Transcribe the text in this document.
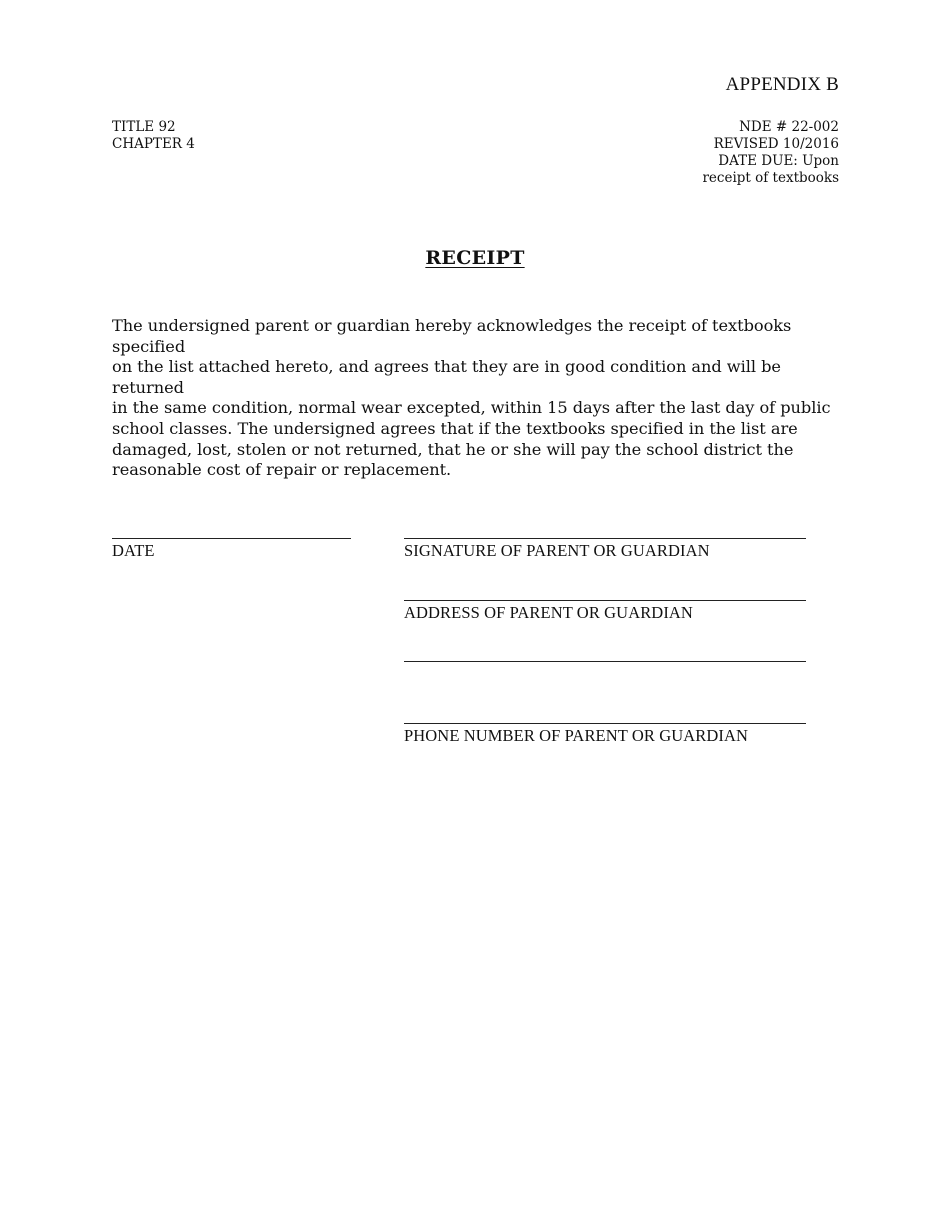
APPENDIX B
TITLE 92
CHAPTER 4
NDE # 22-002
REVISED 10/2016
DATE DUE: Upon
receipt of textbooks
RECEIPT
The undersigned parent or guardian hereby acknowledges the receipt of textbooks specified
on the list attached hereto, and agrees that they are in good condition and will be returned
in the same condition, normal wear excepted, within 15 days after the last day of public
school classes. The undersigned agrees that if the textbooks specified in the list are
damaged, lost, stolen or not returned, that he or she will pay the school district the
reasonable cost of repair or replacement.
DATE	SIGNATURE OF PARENT OR GUARDIAN
ADDRESS OF PARENT OR GUARDIAN
PHONE NUMBER OF PARENT OR GUARDIAN
